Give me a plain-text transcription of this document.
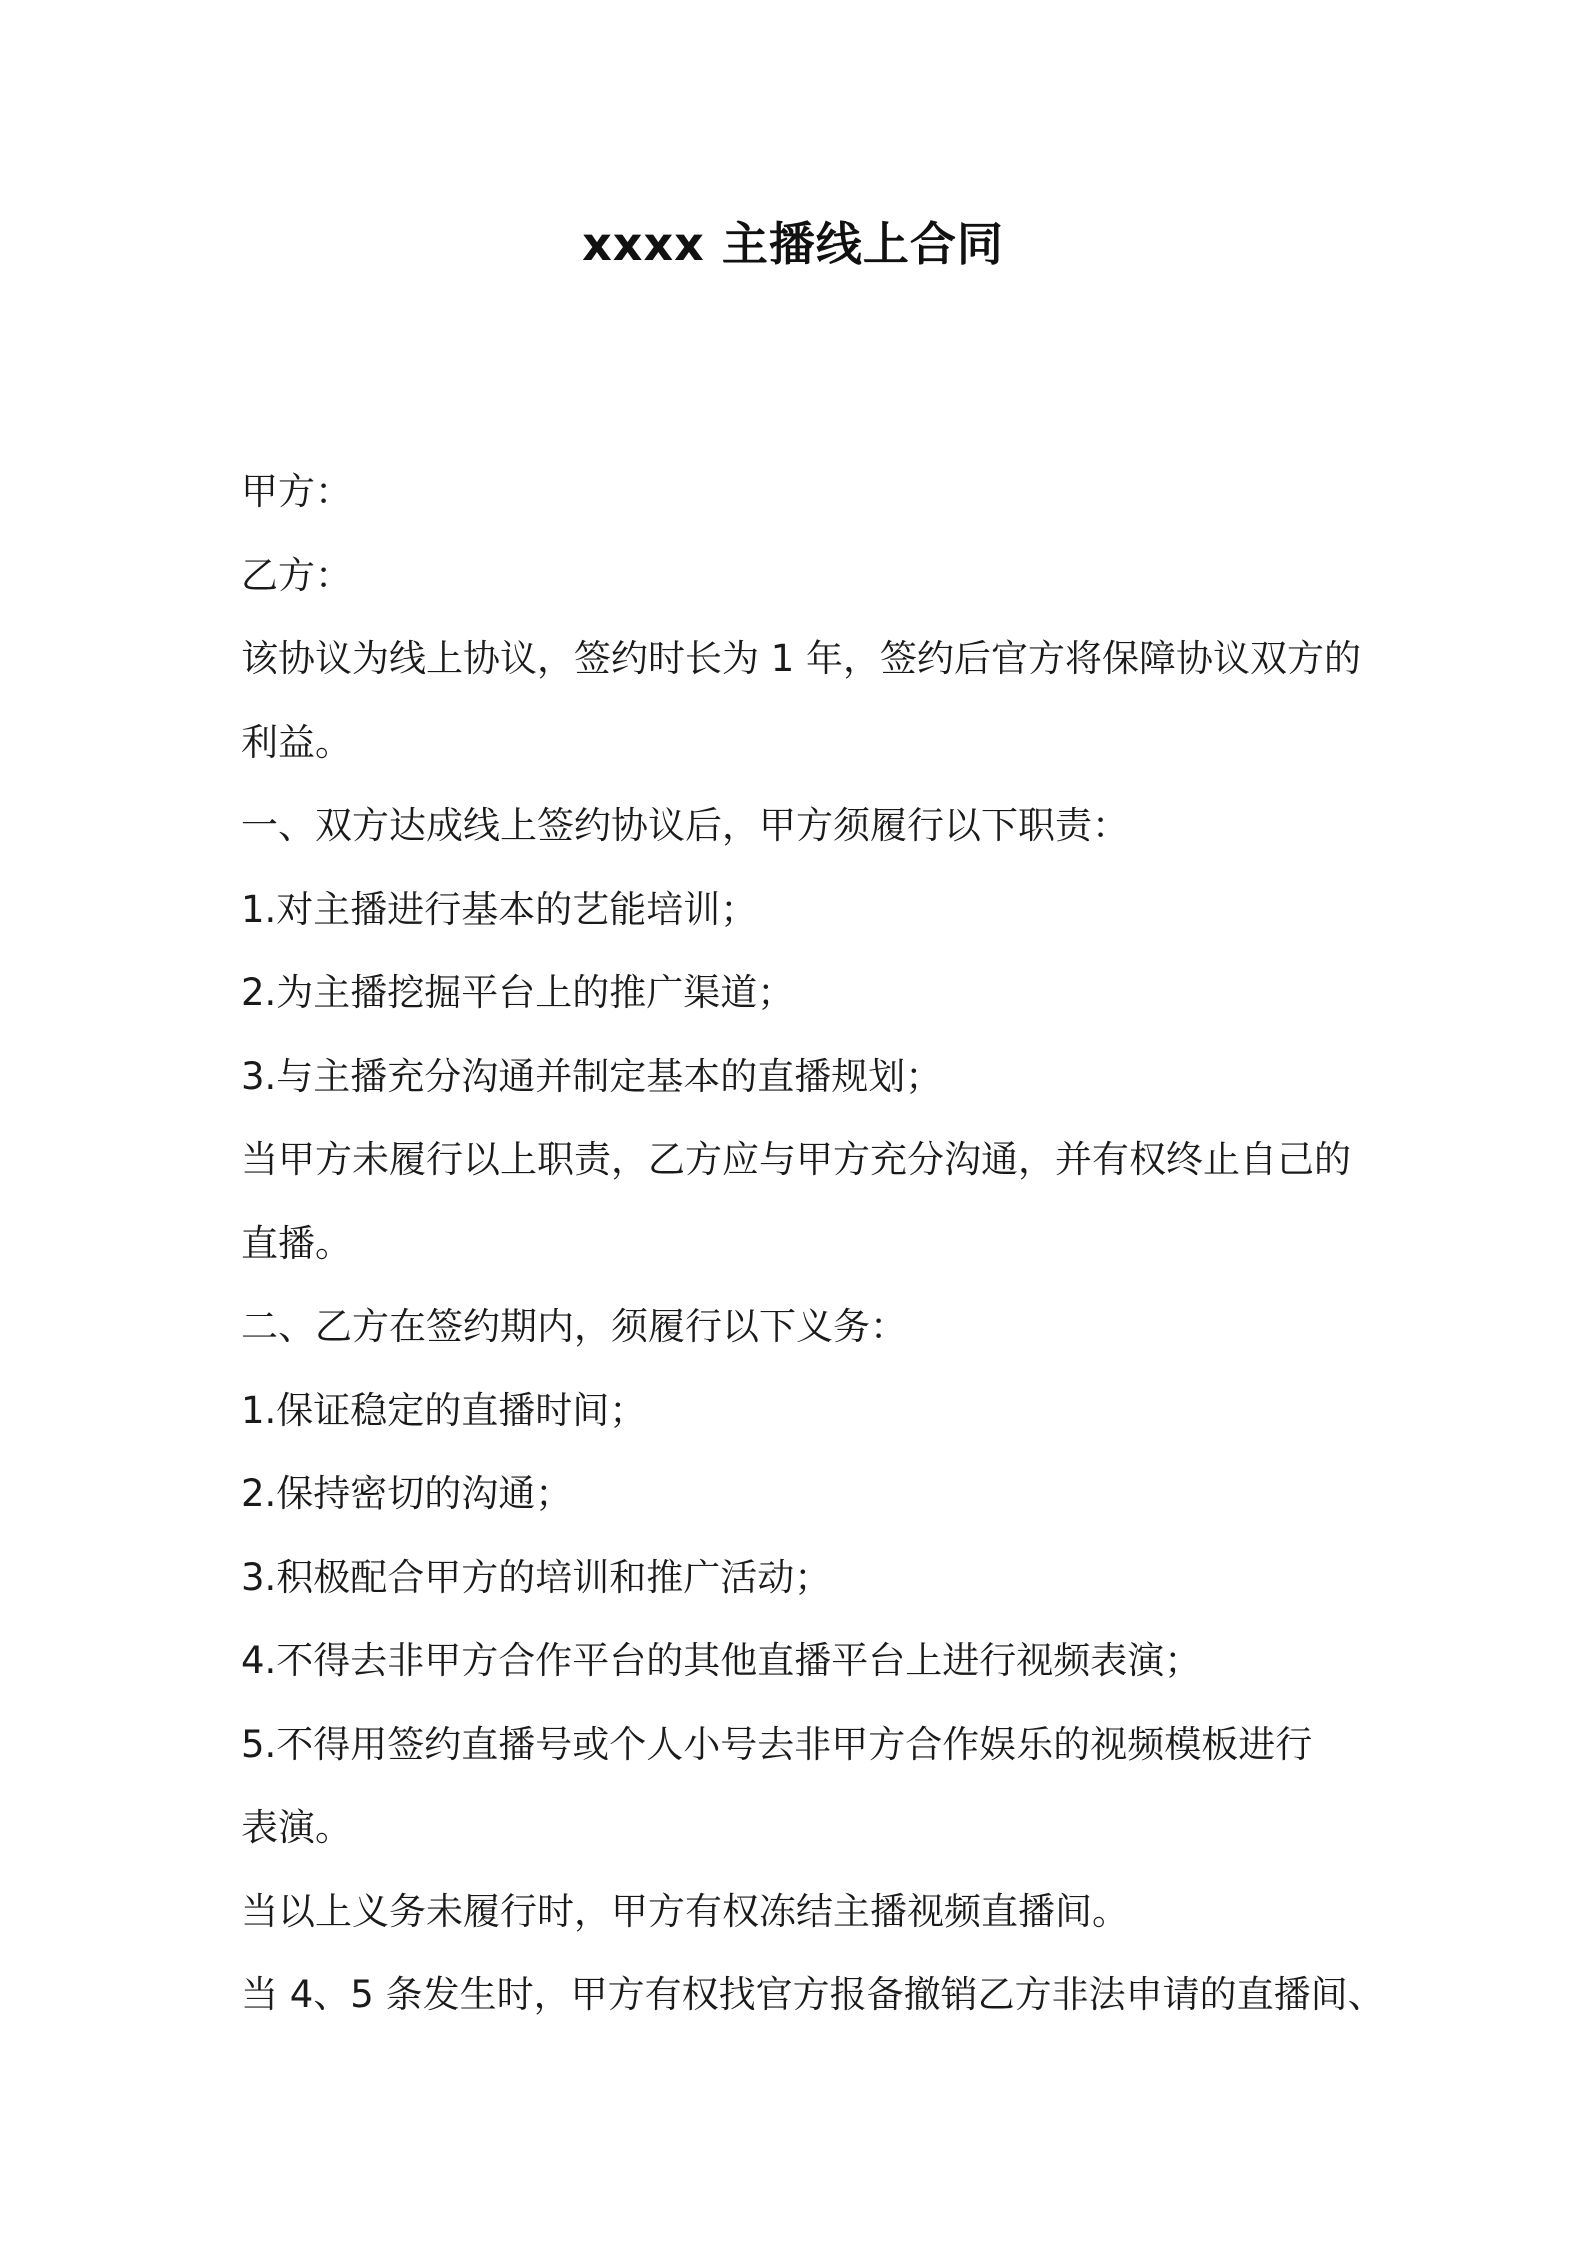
xxxx 主播线上合同
甲方：
乙方：
该协议为线上协议，签约时长为 1 年，签约后官方将保障协议双方的
利益。
一、双方达成线上签约协议后，甲方须履行以下职责：
1.对主播进行基本的艺能培训；
2.为主播挖掘平台上的推广渠道；
3.与主播充分沟通并制定基本的直播规划；
当甲方未履行以上职责，乙方应与甲方充分沟通，并有权终止自己的
直播。
二、乙方在签约期内，须履行以下义务：
1.保证稳定的直播时间；
2.保持密切的沟通；
3.积极配合甲方的培训和推广活动；
4.不得去非甲方合作平台的其他直播平台上进行视频表演；
5.不得用签约直播号或个人小号去非甲方合作娱乐的视频模板进行
表演。
当以上义务未履行时，甲方有权冻结主播视频直播间。
当 4、5 条发生时，甲方有权找官方报备撤销乙方非法申请的直播间、
